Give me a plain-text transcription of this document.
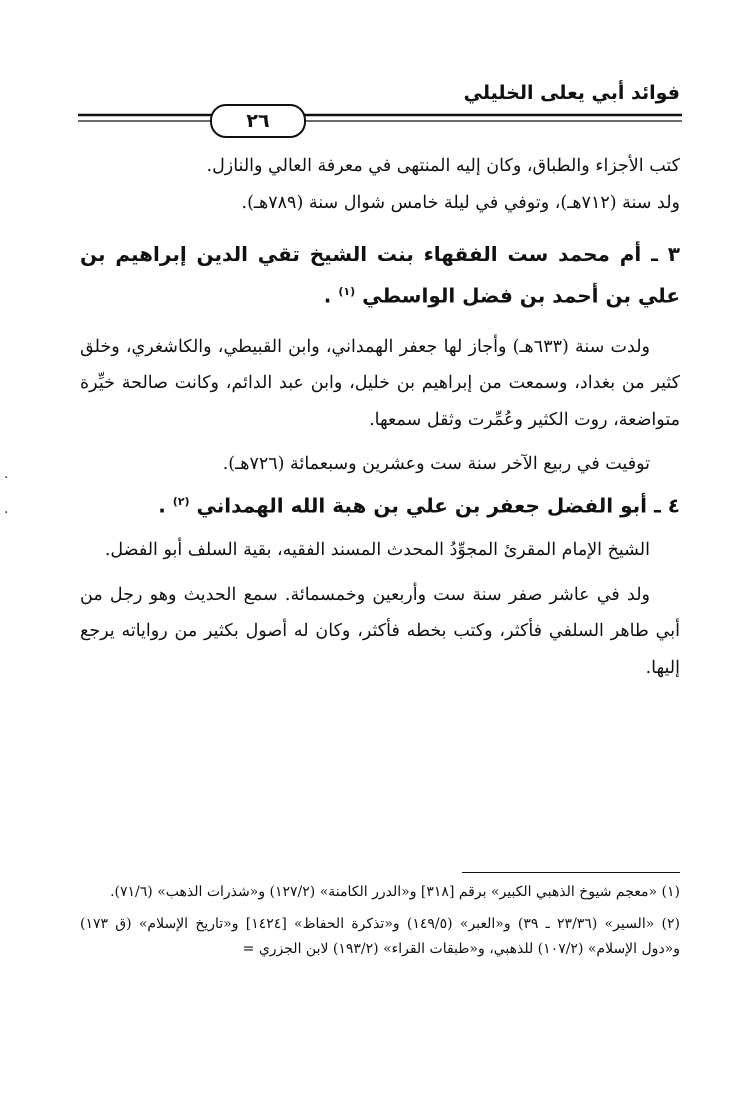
فوائد أبي يعلى الخليلي
٢٦

كتب الأجزاء والطباق، وكان إليه المنتهى في معرفة العالي والنازل.

ولد سنة (٧١٢هـ)، وتوفي في ليلة خامس شوال سنة (٧٨٩هـ).

٣ ـ أم محمد ست الفقهاء بنت الشيخ تقي الدين إبراهيم بن علي بن أحمد بن فضل الواسطي $^{(١)}$ .

ولدت سنة (٦٣٣هـ) وأجاز لها جعفر الهمداني، وابن القبيطي، والكاشغري، وخلق كثير من بغداد، وسمعت من إبراهيم بن خليل، وابن عبد الدائم، وكانت صالحة خيِّرة متواضعة، روت الكثير وعُمِّرت وثقل سمعها.

توفيت في ربيع الآخر سنة ست وعشرين وسبعمائة (٧٢٦هـ).

٤ ـ أبو الفضل جعفر بن علي بن هبة الله الهمداني $^{(٢)}$ .

الشيخ الإمام المقرئ المجوِّدُ المحدث المسند الفقيه، بقية السلف أبو الفضل.

ولد في عاشر صفر سنة ست وأربعين وخمسمائة. سمع الحديث وهو رجل من أبي طاهر السلفي فأكثر، وكتب بخطه فأكثر، وكان له أصول بكثير من رواياته يرجع إليها.

(١) «معجم شيوخ الذهبي الكبير» برقم [٣١٨] و«الدرر الكامنة» (١٢٧/٢) و«شذرات الذهب» (٧١/٦).

(٢) «السير» (٢٣/٣٦ ـ ٣٩) و«العبر» (١٤٩/٥) و«تذكرة الحفاظ» [١٤٢٤] و«تاريخ الإسلام» (ق ١٧٣) و«دول الإسلام» (١٠٧/٢) للذهبي، و«طبقات القراء» (١٩٣/٢) لابن الجزري =

·
·
